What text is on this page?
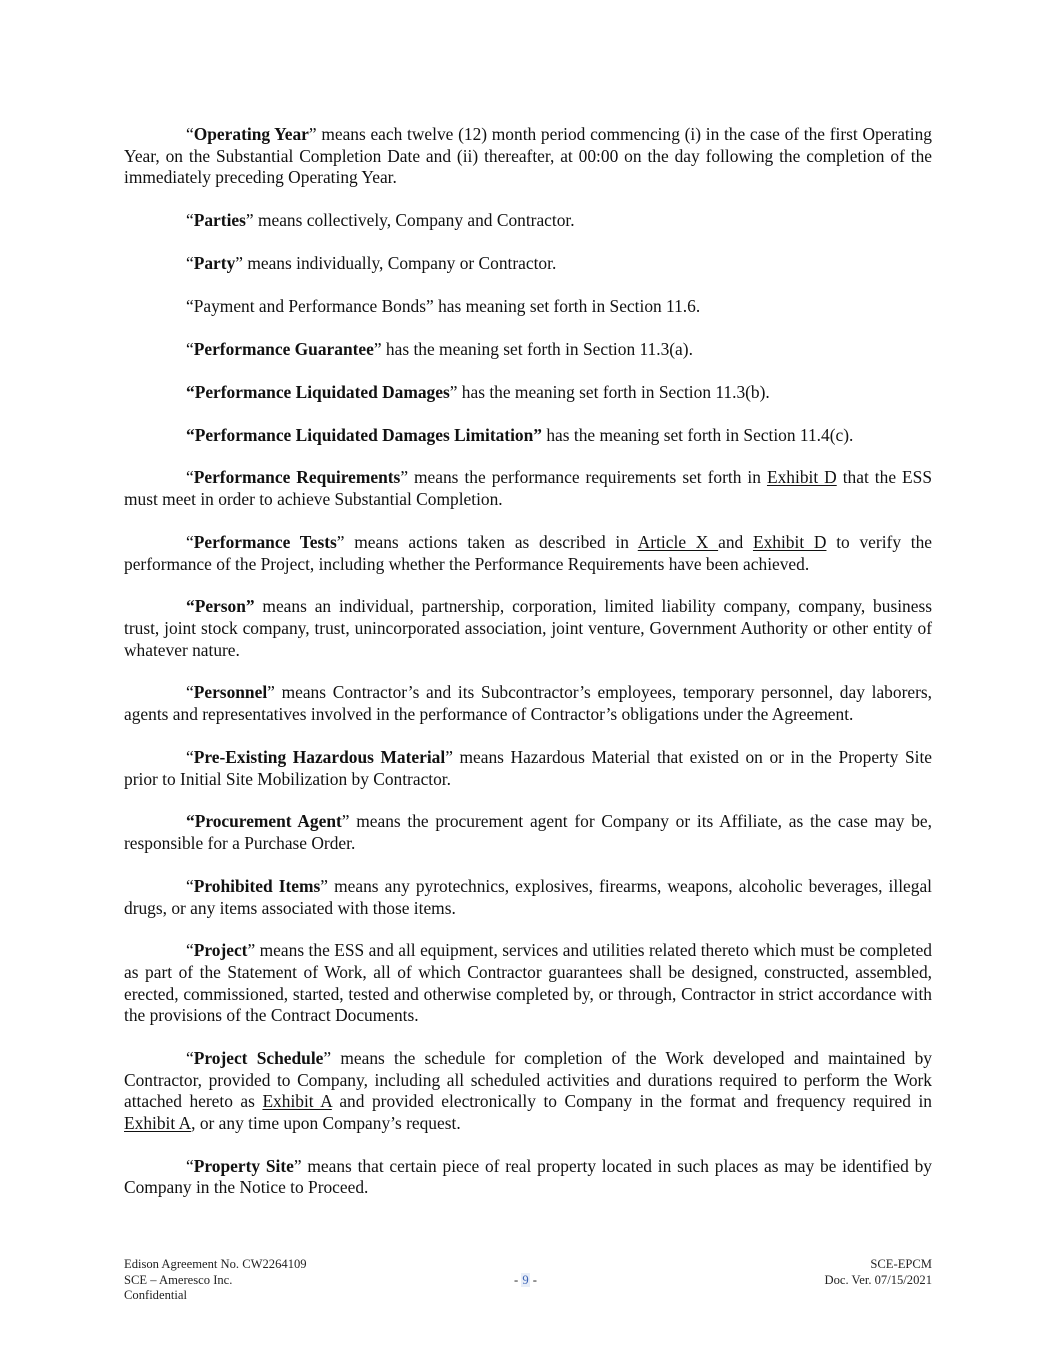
“Operating Year” means each twelve (12) month period commencing (i) in the case of the first Operating Year, on the Substantial Completion Date and (ii) thereafter, at 00:00 on the day following the completion of the immediately preceding Operating Year.

“Parties” means collectively, Company and Contractor.

“Party” means individually, Company or Contractor.

“Payment and Performance Bonds” has meaning set forth in Section 11.6.

“Performance Guarantee” has the meaning set forth in Section 11.3(a).

“Performance Liquidated Damages” has the meaning set forth in Section 11.3(b).

“Performance Liquidated Damages Limitation” has the meaning set forth in Section 11.4(c).

“Performance Requirements” means the performance requirements set forth in Exhibit D that the ESS must meet in order to achieve Substantial Completion.

“Performance Tests” means actions taken as described in Article X and Exhibit D to verify the performance of the Project, including whether the Performance Requirements have been achieved.

“Person” means an individual, partnership, corporation, limited liability company, company, business trust, joint stock company, trust, unincorporated association, joint venture, Government Authority or other entity of whatever nature.

“Personnel” means Contractor’s and its Subcontractor’s employees, temporary personnel, day laborers, agents and representatives involved in the performance of Contractor’s obligations under the Agreement.

“Pre-Existing Hazardous Material” means Hazardous Material that existed on or in the Property Site prior to Initial Site Mobilization by Contractor.

“Procurement Agent” means the procurement agent for Company or its Affiliate, as the case may be, responsible for a Purchase Order.

“Prohibited Items” means any pyrotechnics, explosives, firearms, weapons, alcoholic beverages, illegal drugs, or any items associated with those items.

“Project” means the ESS and all equipment, services and utilities related thereto which must be completed as part of the Statement of Work, all of which Contractor guarantees shall be designed, constructed, assembled, erected, commissioned, started, tested and otherwise completed by, or through, Contractor in strict accordance with the provisions of the Contract Documents.

“Project Schedule” means the schedule for completion of the Work developed and maintained by Contractor, provided to Company, including all scheduled activities and durations required to perform the Work attached hereto as Exhibit A and provided electronically to Company in the format and frequency required in Exhibit A, or any time upon Company’s request.

“Property Site” means that certain piece of real property located in such places as may be identified by Company in the Notice to Proceed.

Edison Agreement No. CW2264109
SCE – Ameresco Inc.
Confidential
- 9 -
SCE-EPCM
Doc. Ver. 07/15/2021
